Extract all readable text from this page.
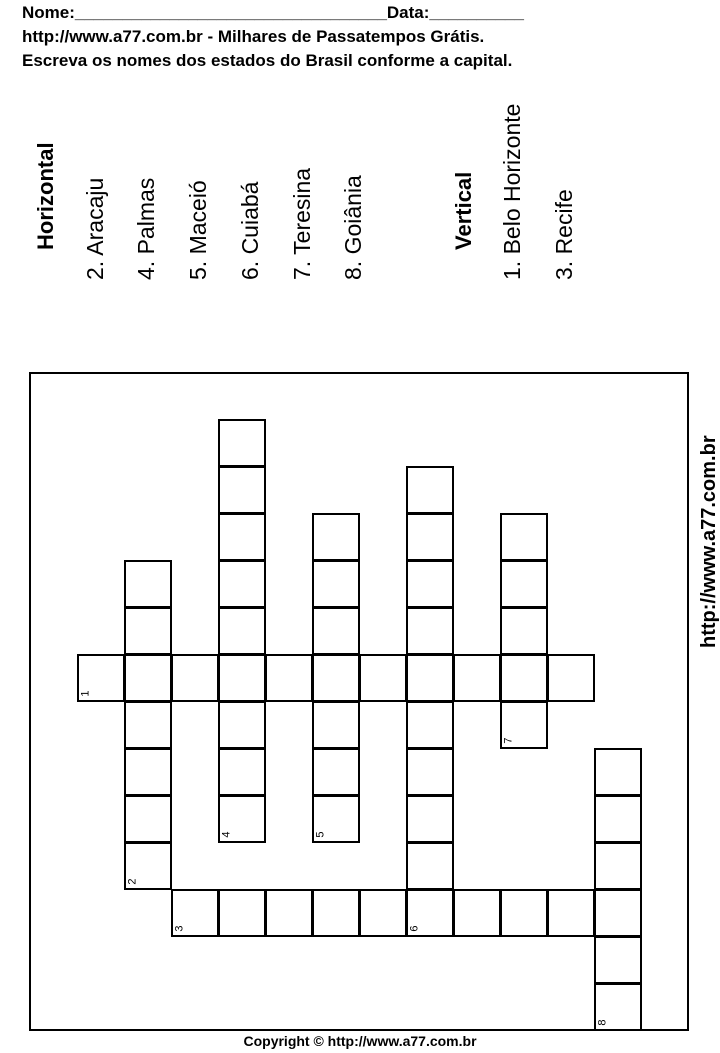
Nome:_________________________________Data:__________
http://www.a77.com.br - Milhares de Passatempos Grátis.
Escreva os nomes dos estados do Brasil conforme a capital.
Horizontal 2. Aracaju 4. Palmas 5. Maceió 6. Cuiabá 7. Teresina 8. Goiânia	Vertical 1. Belo Horizonte 3. Recife
2
4	5
6
7
8
1
3
http://www.a77.com.br
Copyright © http://www.a77.com.br
